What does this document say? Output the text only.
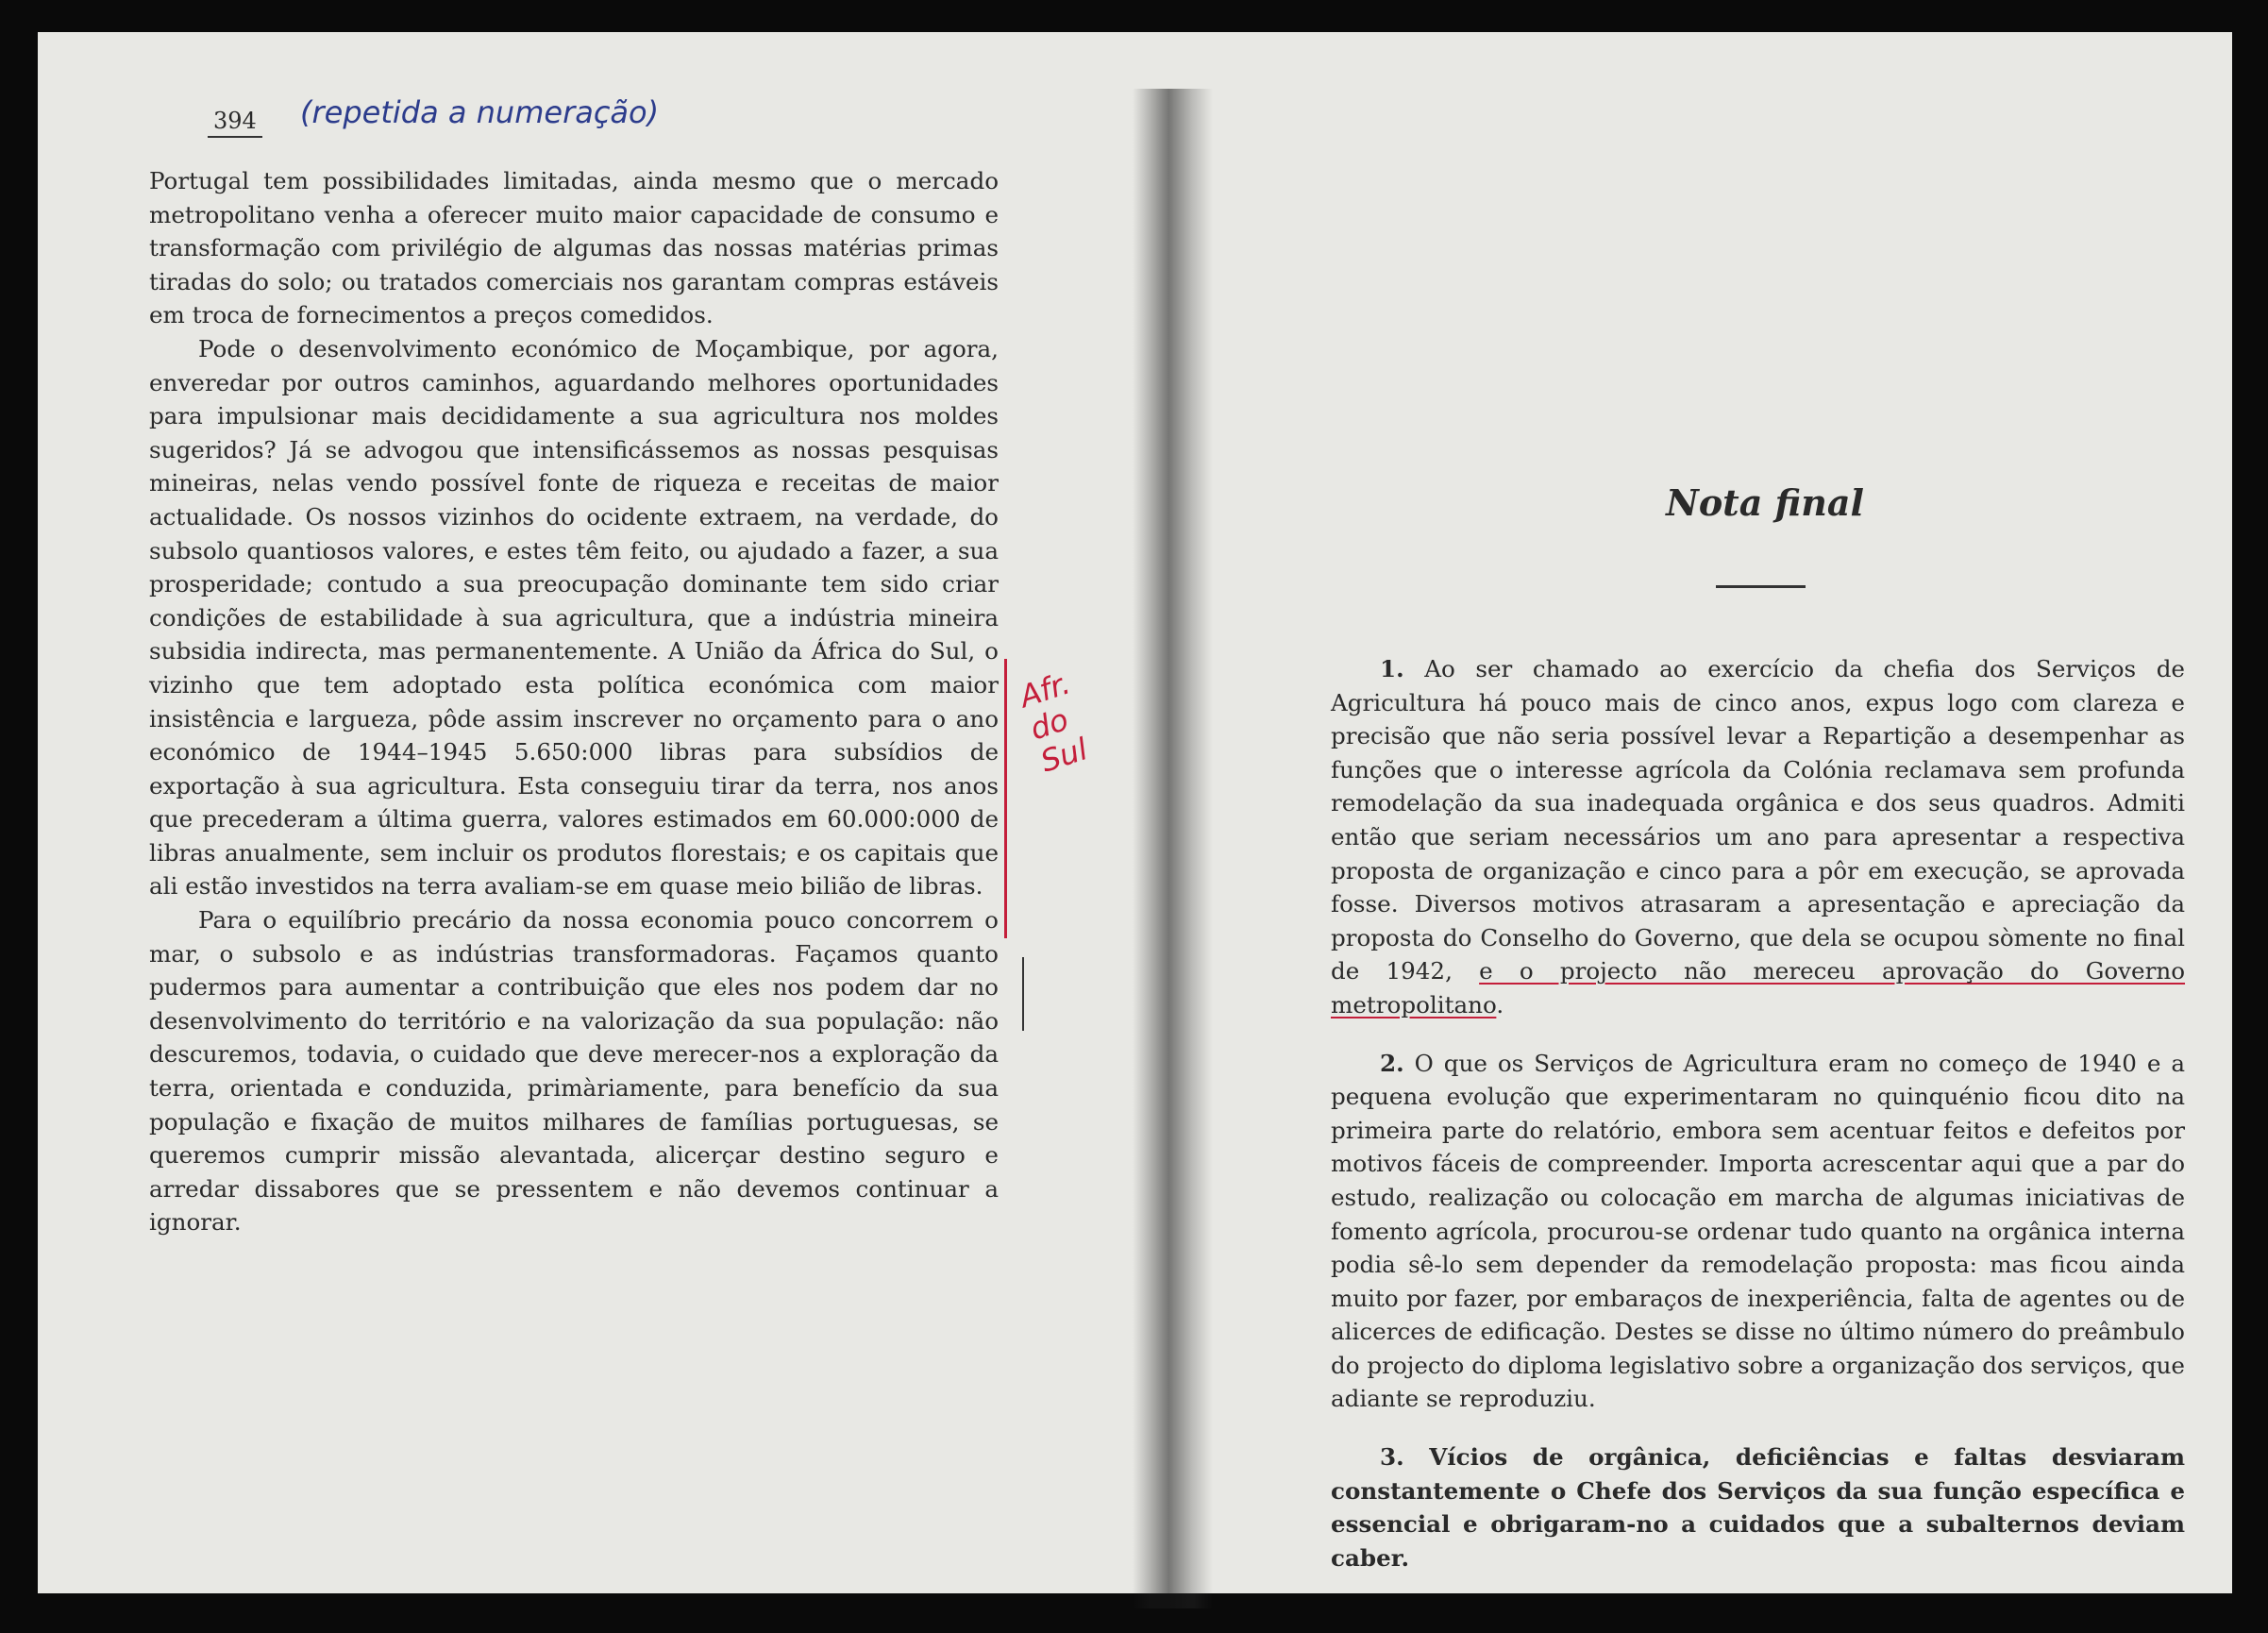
394 (repetida a numeração)

Portugal tem possibilidades limitadas, ainda mesmo que o mercado metropolitano venha a oferecer muito maior capacidade de consumo e transformação com privilégio de algumas das nossas matérias primas tiradas do solo; ou tratados comerciais nos garantam compras estáveis em troca de fornecimentos a preços comedidos.

Pode o desenvolvimento económico de Moçambique, por agora, enveredar por outros caminhos, aguardando melhores oportunidades para impulsionar mais decididamente a sua agricultura nos moldes sugeridos? Já se advogou que intensificássemos as nossas pesquisas mineiras, nelas vendo possível fonte de riqueza e receitas de maior actualidade. Os nossos vizinhos do ocidente extraem, na verdade, do subsolo quantiosos valores, e estes têm feito, ou ajudado a fazer, a sua prosperidade; contudo a sua preocupação dominante tem sido criar condições de estabilidade à sua agricultura, que a indústria mineira subsidia indirecta, mas permanentemente. A União da África do Sul, o vizinho que tem adoptado esta política económica com maior insistência e largueza, pôde assim inscrever no orçamento para o ano económico de 1944–1945 5.650:000 libras para subsídios de exportação à sua agricultura. Esta conseguiu tirar da terra, nos anos que precederam a última guerra, valores estimados em 60.000:000 de libras anualmente, sem incluir os produtos florestais; e os capitais que ali estão investidos na terra avaliam-se em quase meio bilião de libras.

Para o equilíbrio precário da nossa economia pouco concorrem o mar, o subsolo e as indústrias transformadoras. Façamos quanto pudermos para aumentar a contribuição que eles nos podem dar no desenvolvimento do território e na valorização da sua população: não descuremos, todavia, o cuidado que deve merecer-nos a exploração da terra, orientada e conduzida, primàriamente, para benefício da sua população e fixação de muitos milhares de famílias portuguesas, se queremos cumprir missão alevantada, alicerçar destino seguro e arredar dissabores que se pressentem e não devemos continuar a ignorar.

Afr.
do
Sul
Nota final

1. Ao ser chamado ao exercício da chefia dos Serviços de Agricultura há pouco mais de cinco anos, expus logo com clareza e precisão que não seria possível levar a Repartição a desempenhar as funções que o interesse agrícola da Colónia reclamava sem profunda remodelação da sua inadequada orgânica e dos seus quadros. Admiti então que seriam necessários um ano para apresentar a respectiva proposta de organização e cinco para a pôr em execução, se aprovada fosse. Diversos motivos atrasaram a apresentação e apreciação da proposta do Conselho do Governo, que dela se ocupou sòmente no final de 1942, e o projecto não mereceu aprovação do Governo metropolitano.

2. O que os Serviços de Agricultura eram no começo de 1940 e a pequena evolução que experimentaram no quinquénio ficou dito na primeira parte do relatório, embora sem acentuar feitos e defeitos por motivos fáceis de compreender. Importa acrescentar aqui que a par do estudo, realização ou colocação em marcha de algumas iniciativas de fomento agrícola, procurou-se ordenar tudo quanto na orgânica interna podia sê-lo sem depender da remodelação proposta: mas ficou ainda muito por fazer, por embaraços de inexperiência, falta de agentes ou de alicerces de edificação. Destes se disse no último número do preâmbulo do projecto do diploma legislativo sobre a organização dos serviços, que adiante se reproduziu.

3. Vícios de orgânica, deficiências e faltas desviaram constantemente o Chefe dos Serviços da sua função específica e essencial e obrigaram-no a cuidados que a subalternos deviam caber.
